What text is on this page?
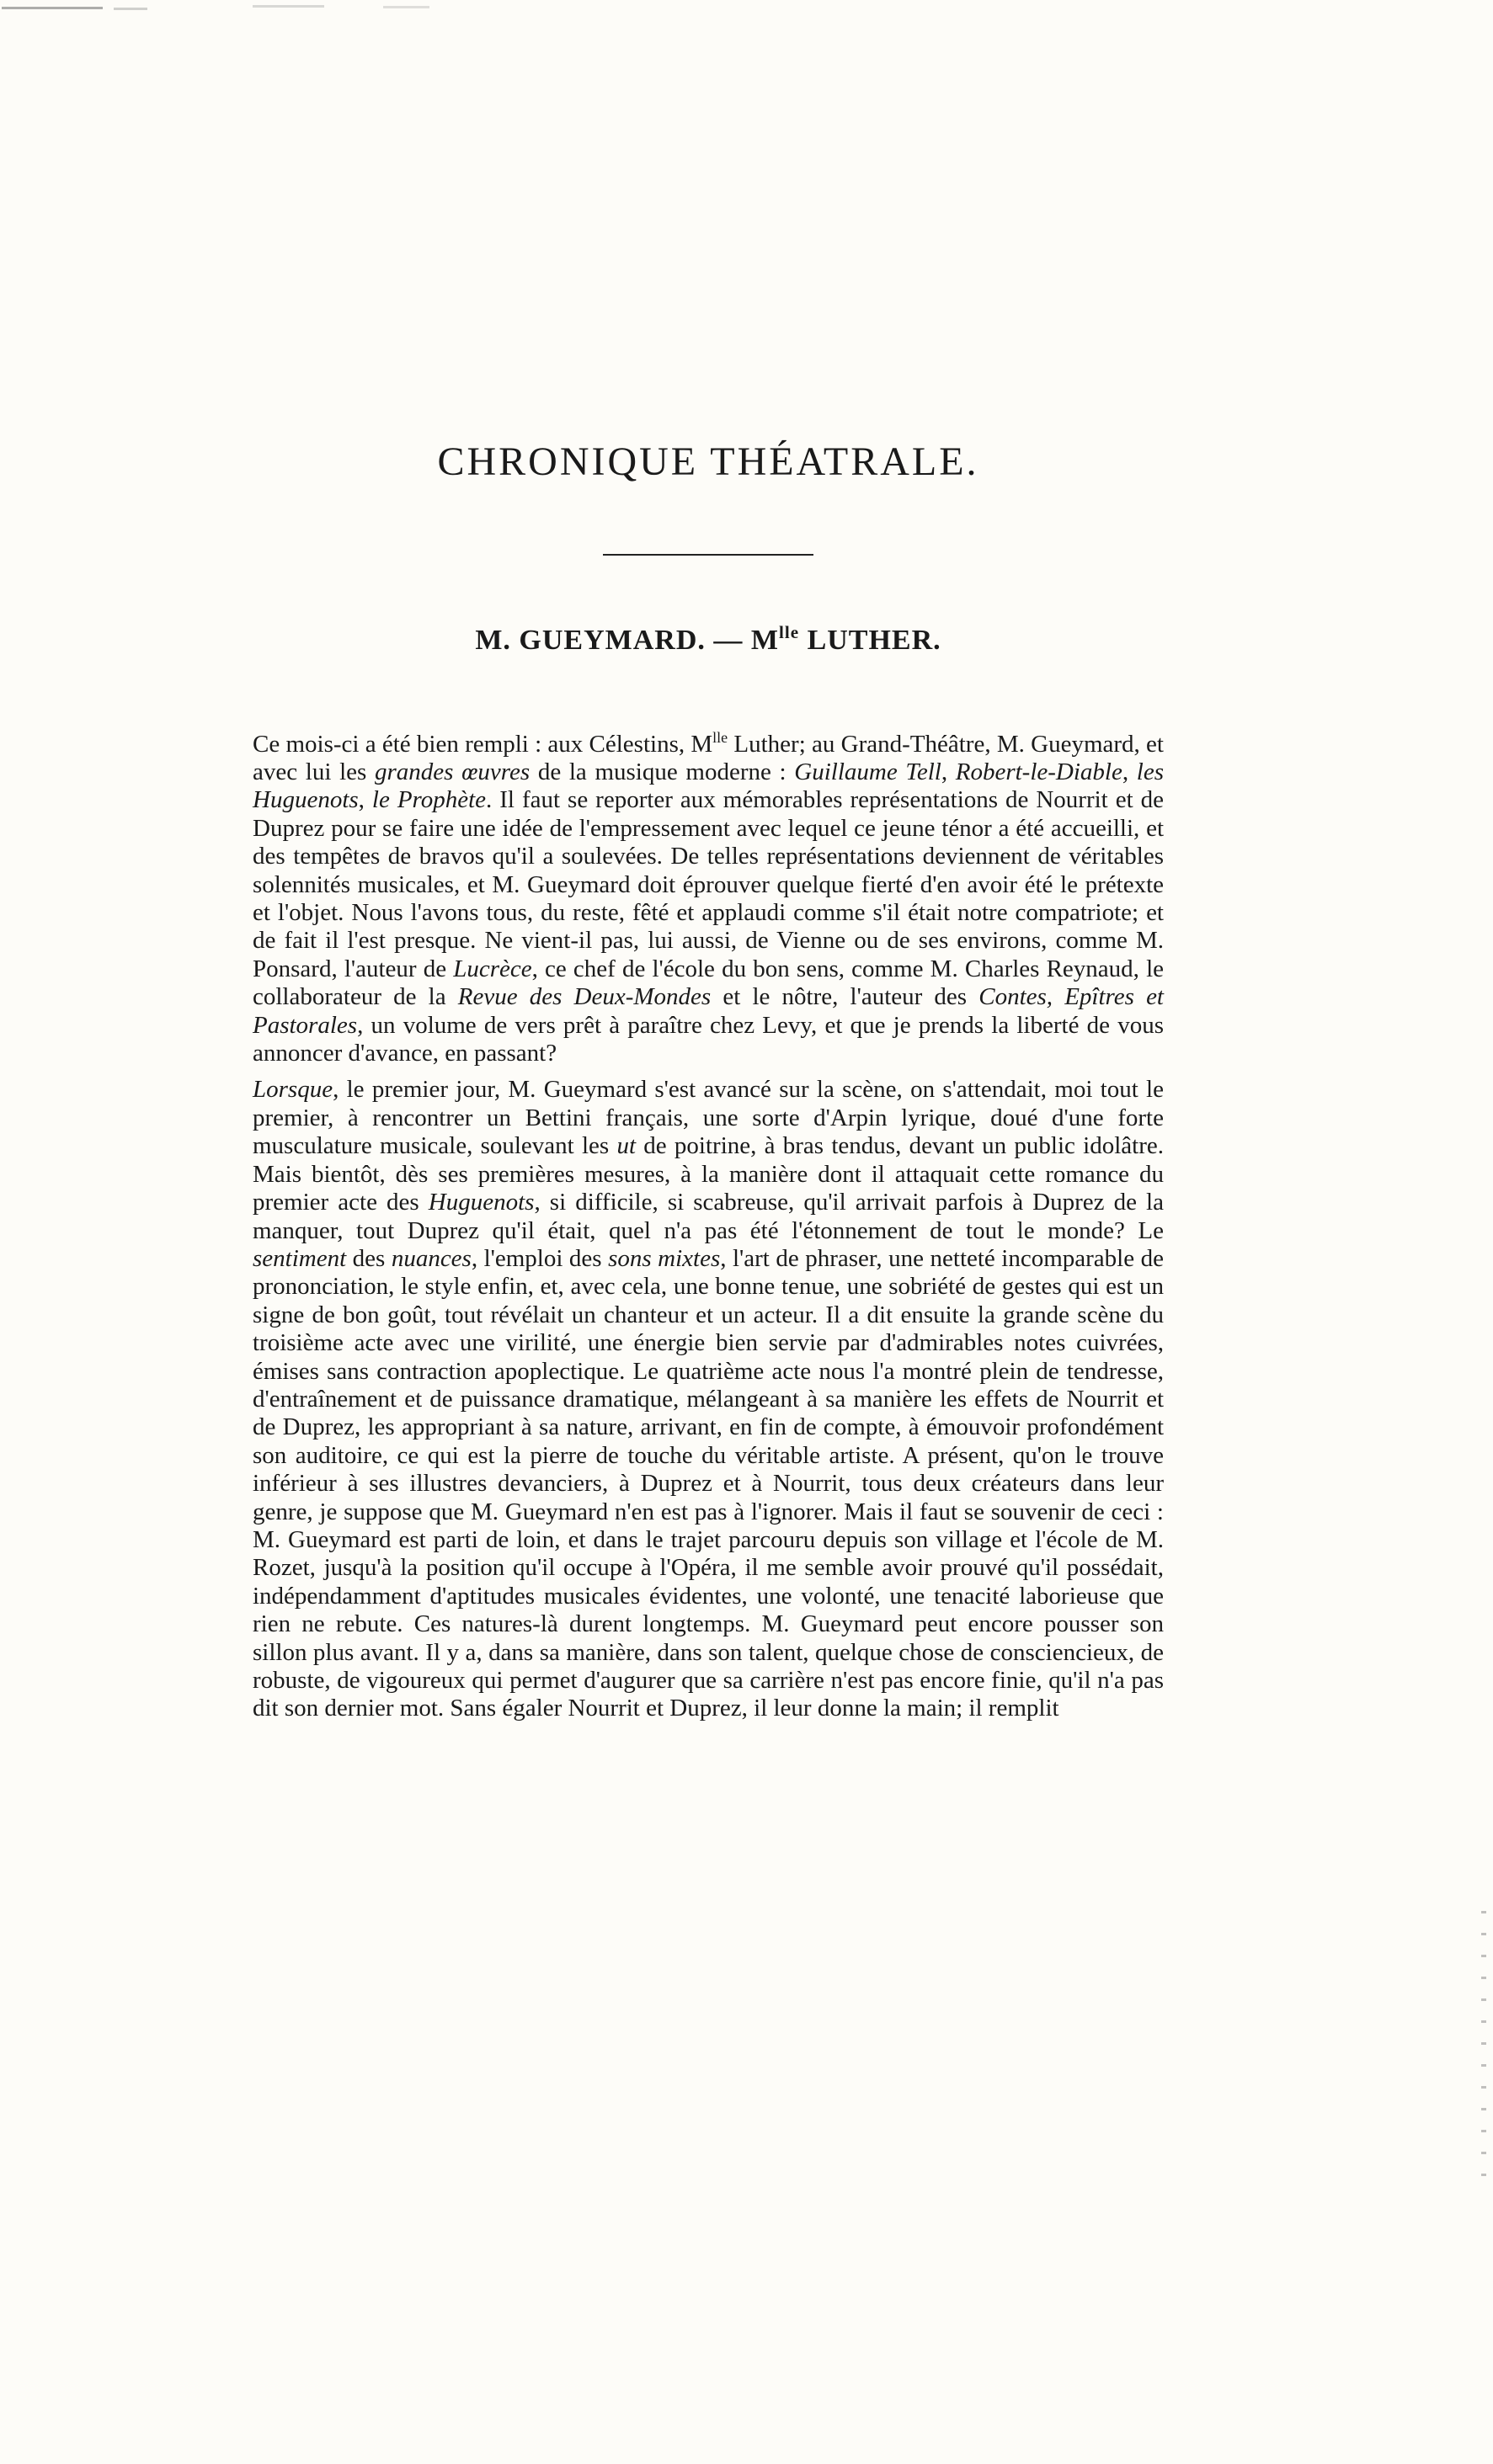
CHRONIQUE THÉATRALE.
M. GUEYMARD. — $M^{lle}$ LUTHER.

Ce mois-ci a été bien rempli : aux Célestins, $M^{lle}$ Luther; au Grand-Théâtre, M. Gueymard, et avec lui les grandes œuvres de la musique moderne : Guillaume Tell, Robert-le-Diable, les Huguenots, le Prophète. Il faut se reporter aux mémorables représentations de Nourrit et de Duprez pour se faire une idée de l'empressement avec lequel ce jeune ténor a été accueilli, et des tempêtes de bravos qu'il a soulevées. De telles représentations deviennent de véritables solennités musicales, et M. Gueymard doit éprouver quelque fierté d'en avoir été le prétexte et l'objet. Nous l'avons tous, du reste, fêté et applaudi comme s'il était notre compatriote; et de fait il l'est presque. Ne vient-il pas, lui aussi, de Vienne ou de ses environs, comme M. Ponsard, l'auteur de Lucrèce, ce chef de l'école du bon sens, comme M. Charles Reynaud, le collaborateur de la Revue des Deux-Mondes et le nôtre, l'auteur des Contes, Epîtres et Pastorales, un volume de vers prêt à paraître chez Levy, et que je prends la liberté de vous annoncer d'avance, en passant?

Lorsque, le premier jour, M. Gueymard s'est avancé sur la scène, on s'attendait, moi tout le premier, à rencontrer un Bettini français, une sorte d'Arpin lyrique, doué d'une forte musculature musicale, soulevant les ut de poitrine, à bras tendus, devant un public idolâtre. Mais bientôt, dès ses premières mesures, à la manière dont il attaquait cette romance du premier acte des Huguenots, si difficile, si scabreuse, qu'il arrivait parfois à Duprez de la manquer, tout Duprez qu'il était, quel n'a pas été l'étonnement de tout le monde? Le sentiment des nuances, l'emploi des sons mixtes, l'art de phraser, une netteté incomparable de prononciation, le style enfin, et, avec cela, une bonne tenue, une sobriété de gestes qui est un signe de bon goût, tout révélait un chanteur et un acteur. Il a dit ensuite la grande scène du troisième acte avec une virilité, une énergie bien servie par d'admirables notes cuivrées, émises sans contraction apoplectique. Le quatrième acte nous l'a montré plein de tendresse, d'entraînement et de puissance dramatique, mélangeant à sa manière les effets de Nourrit et de Duprez, les appropriant à sa nature, arrivant, en fin de compte, à émouvoir profondément son auditoire, ce qui est la pierre de touche du véritable artiste. A présent, qu'on le trouve inférieur à ses illustres devanciers, à Duprez et à Nourrit, tous deux créateurs dans leur genre, je suppose que M. Gueymard n'en est pas à l'ignorer. Mais il faut se souvenir de ceci : M. Gueymard est parti de loin, et dans le trajet parcouru depuis son village et l'école de M. Rozet, jusqu'à la position qu'il occupe à l'Opéra, il me semble avoir prouvé qu'il possédait, indépendamment d'aptitudes musicales évidentes, une volonté, une tenacité laborieuse que rien ne rebute. Ces natures-là durent longtemps. M. Gueymard peut encore pousser son sillon plus avant. Il y a, dans sa manière, dans son talent, quelque chose de consciencieux, de robuste, de vigoureux qui permet d'augurer que sa carrière n'est pas encore finie, qu'il n'a pas dit son dernier mot. Sans égaler Nourrit et Duprez, il leur donne la main; il remplit
